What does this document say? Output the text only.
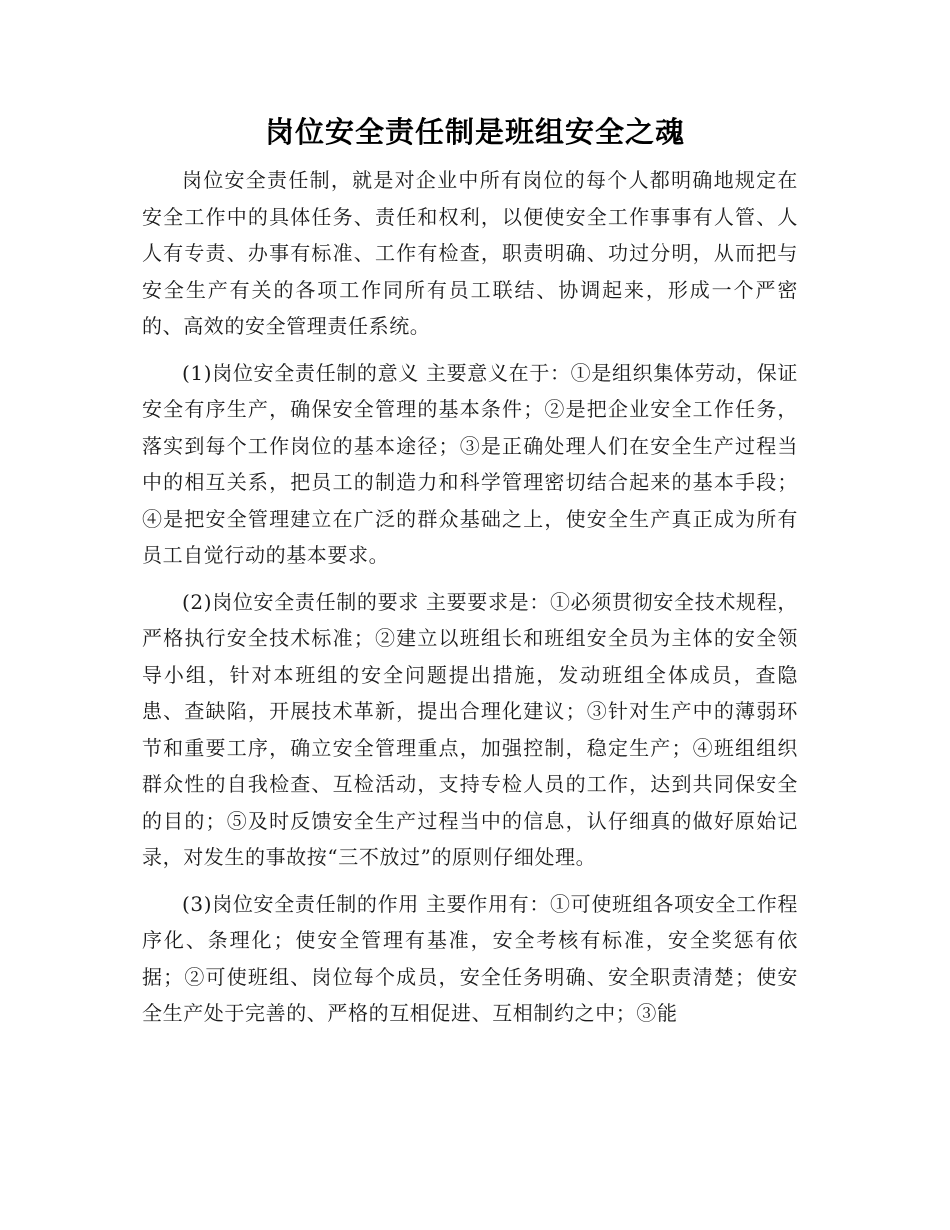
岗位安全责任制是班组安全之魂

岗位安全责任制，就是对企业中所有岗位的每个人都明确地规定在安全工作中的具体任务、责任和权利，以便使安全工作事事有人管、人人有专责、办事有标准、工作有检查，职责明确、功过分明，从而把与安全生产有关的各项工作同所有员工联结、协调起来，形成一个严密的、高效的安全管理责任系统。

(1)岗位安全责任制的意义 主要意义在于：①是组织集体劳动，保证安全有序生产，确保安全管理的基本条件；②是把企业安全工作任务，落实到每个工作岗位的基本途径；③是正确处理人们在安全生产过程当中的相互关系，把员工的制造力和科学管理密切结合起来的基本手段；④是把安全管理建立在广泛的群众基础之上，使安全生产真正成为所有员工自觉行动的基本要求。

(2)岗位安全责任制的要求 主要要求是：①必须贯彻安全技术规程，严格执行安全技术标准；②建立以班组长和班组安全员为主体的安全领导小组，针对本班组的安全问题提出措施，发动班组全体成员，查隐患、查缺陷，开展技术革新，提出合理化建议；③针对生产中的薄弱环节和重要工序，确立安全管理重点，加强控制，稳定生产；④班组组织群众性的自我检查、互检活动，支持专检人员的工作，达到共同保安全的目的；⑤及时反馈安全生产过程当中的信息，认仔细真的做好原始记录，对发生的事故按“三不放过”的原则仔细处理。

(3)岗位安全责任制的作用 主要作用有：①可使班组各项安全工作程序化、条理化；使安全管理有基准，安全考核有标准，安全奖惩有依据；②可使班组、岗位每个成员，安全任务明确、安全职责清楚；使安全生产处于完善的、严格的互相促进、互相制约之中；③能
